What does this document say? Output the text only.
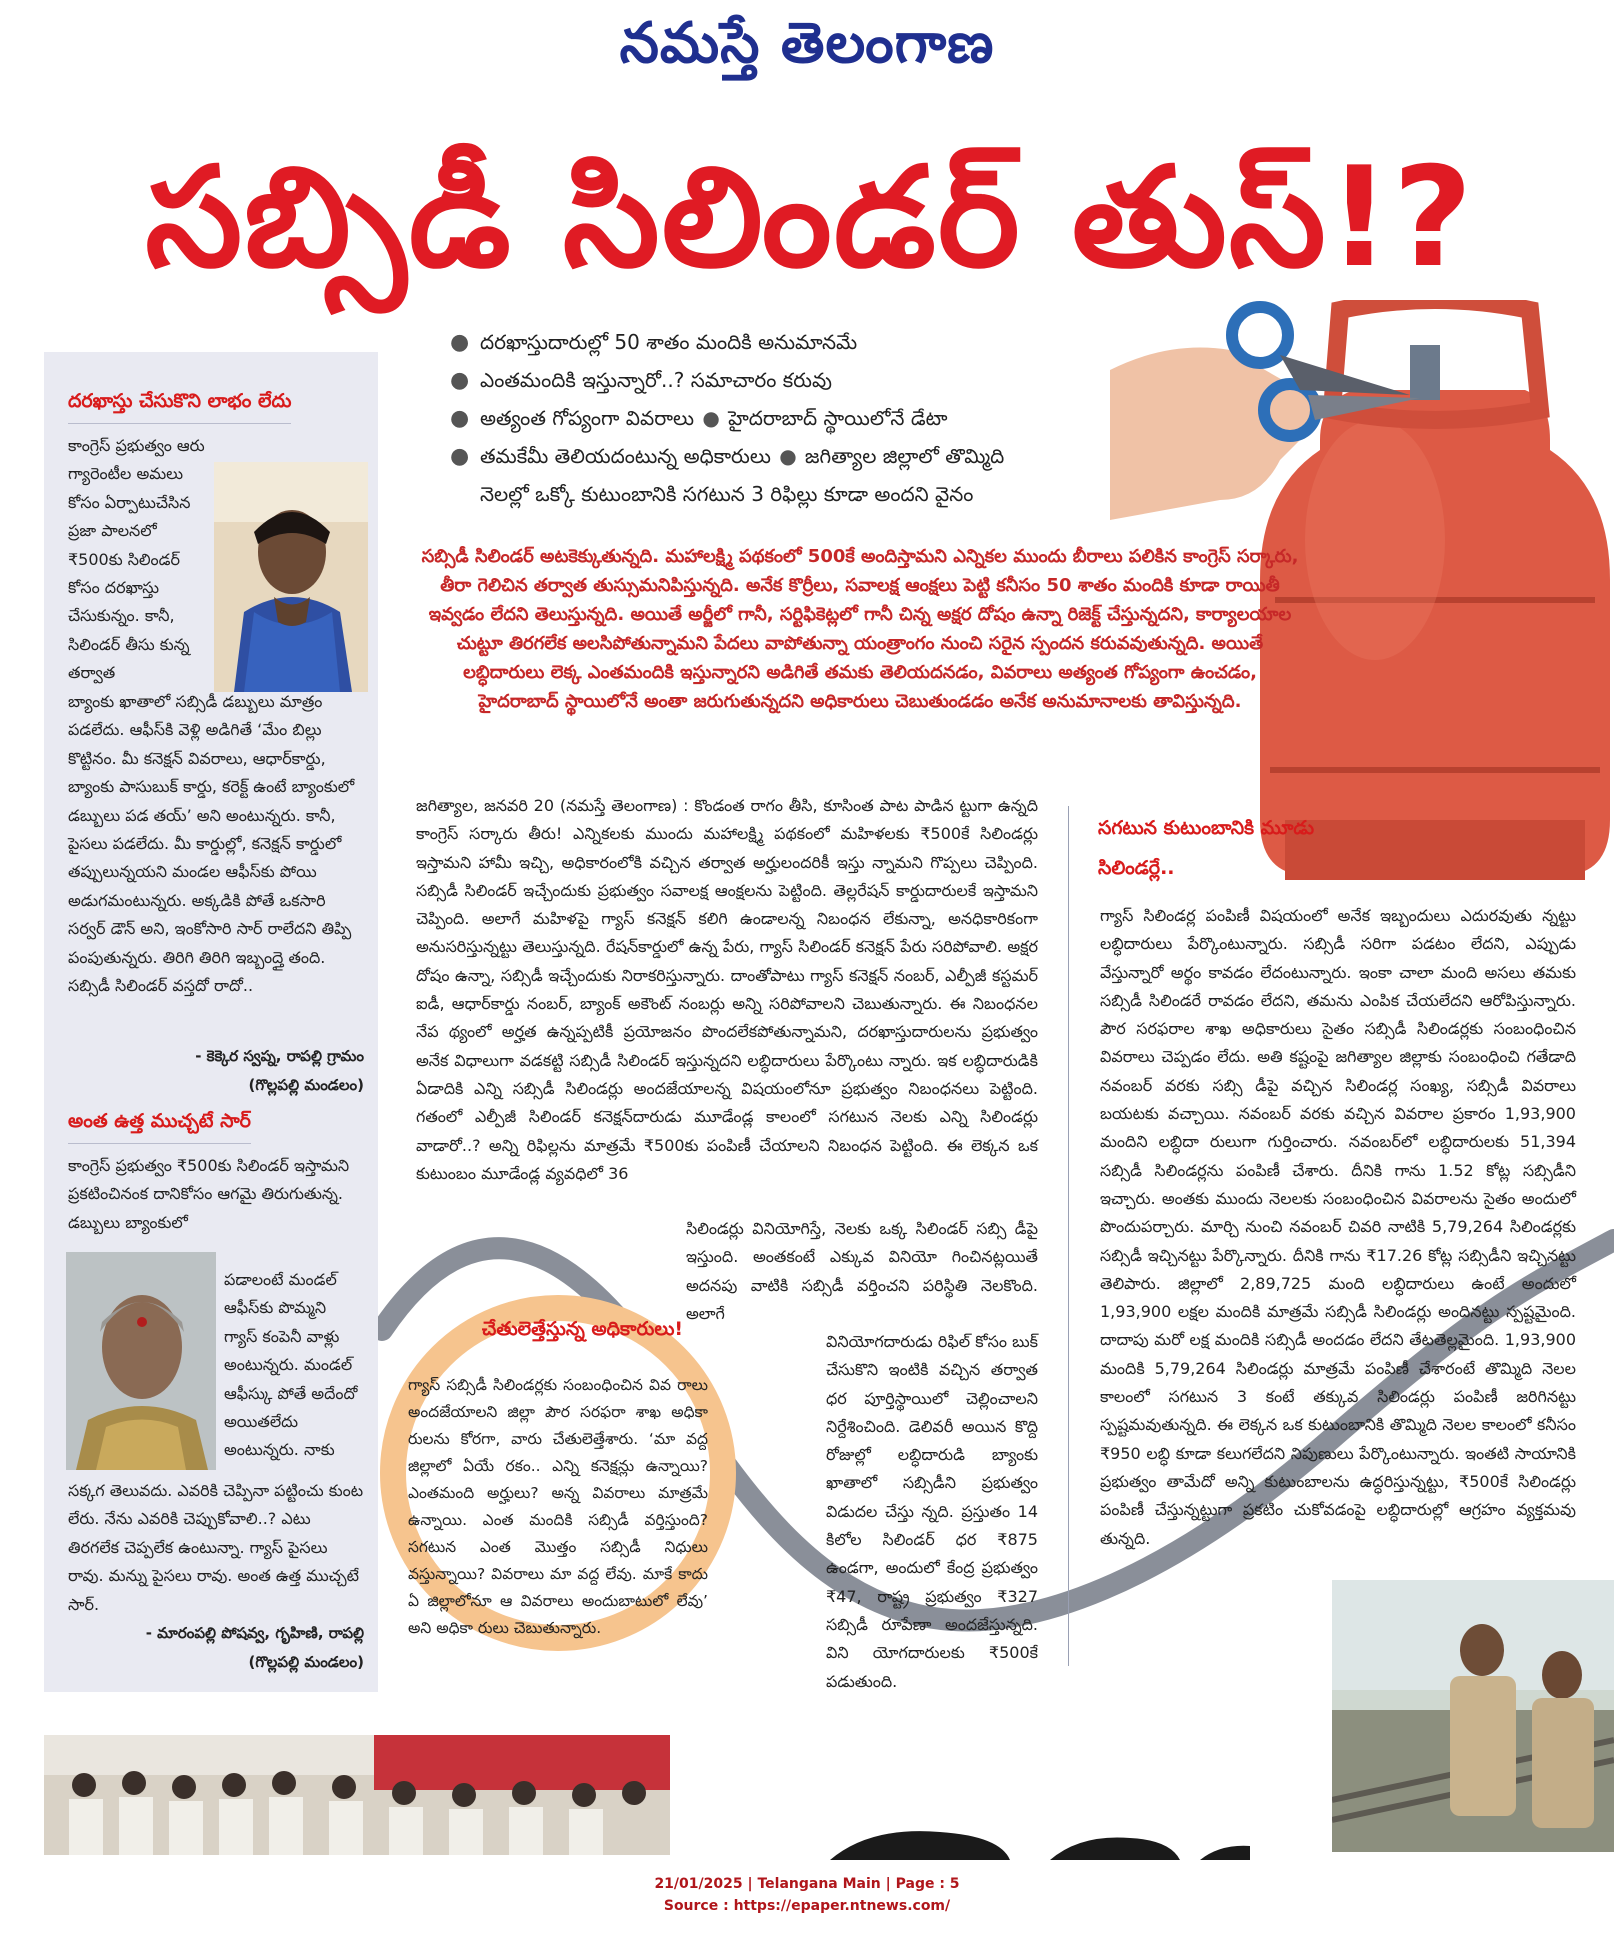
నమస్తే తెలంగాణ
సబ్సిడీ సిలిండర్ తుస్!?
దరఖాస్తు చేసుకొని లాభం లేదు
కాంగ్రెస్ ప్రభుత్వం ఆరు గ్యారెంటీల అమలు కోసం ఏర్పాటుచేసిన ప్రజా పాలనలో ₹500కు సిలిండర్ కోసం దరఖాస్తు చేసుకున్నం. కానీ, సిలిండర్ తీసు కున్న తర్వాత
బ్యాంకు ఖాతాలో సబ్సిడీ డబ్బులు మాత్రం పడలేదు. ఆఫీస్‌కి వెళ్లి అడిగితే ‘మేం బిల్లు కొట్టినం. మీ కనెక్షన్ వివరాలు, ఆధార్‌కార్డు, బ్యాంకు పాసుబుక్ కార్డు, కరెక్ట్ ఉంటే బ్యాంకులో డబ్బులు పడ తయ్’ అని అంటున్నరు. కానీ, పైసలు పడలేదు. మీ కార్డుల్లో, కనెక్షన్ కార్డులో తప్పులున్నయని మండల ఆఫీస్‌కు పోయి అడుగమంటున్నరు. అక్కడికి పోతే ఒకసారి సర్వర్ డౌన్ అని, ఇంకోసారి సార్ రాలేదని తిప్పి పంపుతున్నరు. తిరిగి తిరిగి ఇబ్బంద్తై తంది. సబ్సిడీ సిలిండర్ వస్తదో రాదో..
- కెక్కెర స్వప్న, రాపల్లి గ్రామం
(గొల్లపల్లి మండలం)
అంత ఉత్త ముచ్చటే సార్
కాంగ్రెస్ ప్రభుత్వం ₹500కు సిలిండర్ ఇస్తామని ప్రకటించినంక దానికోసం ఆగమై తిరుగుతున్న. డబ్బులు బ్యాంకులో
పడాలంటే మండల్ ఆఫీస్‌కు పొమ్మని గ్యాస్ కంపెనీ వాళ్లు అంటున్నరు. మండల్ ఆఫీస్కు పోతే అదేందో అయితలేదు అంటున్నరు. నాకు
సక్కగ తెలువదు. ఎవరికి చెప్పినా పట్టించు కుంట లేరు. నేను ఎవరికి చెప్పుకోవాలి..? ఎటు తిరగలేక చెప్పలేక ఉంటున్నా. గ్యాస్ పైసలు రావు. మన్ను పైసలు రావు. అంత ఉత్త ముచ్చటే సార్.
- మారంపల్లి పోషవ్వ, గృహిణి, రాపల్లి
(గొల్లపల్లి మండలం)
● దరఖాస్తుదారుల్లో 50 శాతం మందికి అనుమానమే
● ఎంతమందికి ఇస్తున్నారో..? సమాచారం కరువు
● అత్యంత గోప్యంగా వివరాలు ● హైదరాబాద్ స్థాయిలోనే డేటా
● తమకేమీ తెలియదంటున్న అధికారులు ● జగిత్యాల జిల్లాలో తొమ్మిది
నెలల్లో ఒక్కో కుటుంబానికి సగటున 3 రిఫిల్లు కూడా అందని వైనం
సబ్సిడీ సిలిండర్ అటకెక్కుతున్నది. మహాలక్ష్మి పథకంలో 500కే అందిస్తామని ఎన్నికల ముందు బీరాలు పలికిన కాంగ్రెస్ సర్కారు, తీరా గెలిచిన తర్వాత తుస్సుమనిపిస్తున్నది. అనేక కొర్రీలు, సవాలక్ష ఆంక్షలు పెట్టి కనీసం 50 శాతం మందికి కూడా రాయితీ ఇవ్వడం లేదని తెలుస్తున్నది. అయితే అర్జీలో గానీ, సర్టిఫికెట్లలో గానీ చిన్న అక్షర దోషం ఉన్నా రిజెక్ట్ చేస్తున్నదని, కార్యాలయాల చుట్టూ తిరగలేక అలసిపోతున్నామని పేదలు వాపోతున్నా యంత్రాంగం నుంచి సరైన స్పందన కరువవుతున్నది. అయితే లబ్ధిదారులు లెక్క ఎంతమందికి ఇస్తున్నారని అడిగితే తమకు తెలియదనడం, వివరాలు అత్యంత గోప్యంగా ఉంచడం, హైదరాబాద్ స్థాయిలోనే అంతా జరుగుతున్నదని అధికారులు చెబుతుండడం అనేక అనుమానాలకు తావిస్తున్నది.
జగిత్యాల, జనవరి 20 (నమస్తే తెలంగాణ) : కొండంత రాగం తీసి, కూసింత పాట పాడిన ట్టుగా ఉన్నది కాంగ్రెస్ సర్కారు తీరు! ఎన్నికలకు ముందు మహాలక్ష్మి పథకంలో మహిళలకు ₹500కే సిలిండర్లు ఇస్తామని హామీ ఇచ్చి, అధికారంలోకి వచ్చిన తర్వాత అర్హులందరికీ ఇస్తు న్నామని గొప్పలు చెప్పింది. సబ్సిడీ సిలిండర్ ఇచ్చేందుకు ప్రభుత్వం సవాలక్ష ఆంక్షలను పెట్టింది. తెల్లరేషన్ కార్డుదారులకే ఇస్తామని చెప్పింది. అలాగే మహిళపై గ్యాస్ కనెక్షన్ కలిగి ఉండాలన్న నిబంధన లేకున్నా, అనధికారికంగా అనుసరిస్తున్నట్టు తెలుస్తున్నది. రేషన్‌కార్డులో ఉన్న పేరు, గ్యాస్ సిలిండర్ కనెక్షన్ పేరు సరిపోవాలి. అక్షర దోషం ఉన్నా, సబ్సిడీ ఇచ్చేందుకు నిరాకరిస్తున్నారు. దాంతోపాటు గ్యాస్ కనెక్షన్ నంబర్, ఎల్పీజీ కస్టమర్ ఐడీ, ఆధార్‌కార్డు నంబర్, బ్యాంక్ అకౌంట్ నంబర్లు అన్ని సరిపోవాలని చెబుతున్నారు. ఈ నిబంధనల నేప థ్యంలో అర్హత ఉన్నప్పటికీ ప్రయోజనం పొందలేకపోతున్నామని, దరఖాస్తుదారులను ప్రభుత్వం అనేక విధాలుగా వడకట్టి సబ్సిడీ సిలిండర్ ఇస్తున్నదని లబ్ధిదారులు పేర్కొంటు న్నారు. ఇక లబ్ధిదారుడికి ఏడాదికి ఎన్ని సబ్సిడీ సిలిండర్లు అందజేయాలన్న విషయంలోనూ ప్రభుత్వం నిబంధనలు పెట్టింది. గతంలో ఎల్పీజీ సిలిండర్ కనెక్షన్‌దారుడు మూడేండ్ల కాలంలో సగటున నెలకు ఎన్ని సిలిండర్లు వాడారో..? అన్ని రిఫిల్లను మాత్రమే ₹500కు పంపిణీ చేయాలని నిబంధన పెట్టింది. ఈ లెక్కన ఒక కుటుంబం మూడేండ్ల వ్యవధిలో 36
సిలిండర్లు వినియోగిస్తే, నెలకు ఒక్క సిలిండర్ సబ్సి డీపై ఇస్తుంది. అంతకంటే ఎక్కువ వినియో గించినట్లయితే అదనపు వాటికి సబ్సిడీ వర్తించని పరిస్థితి నెలకొంది. అలాగే
వినియోగదారుడు రిఫిల్ కోసం బుక్ చేసుకొని ఇంటికి వచ్చిన తర్వాత ధర పూర్తిస్థాయిలో చెల్లించాలని నిర్దేశించింది. డెలివరీ అయిన కొద్ది రోజుల్లో లబ్ధిదారుడి బ్యాంకు ఖాతాలో సబ్సిడీని ప్రభుత్వం విడుదల చేస్తు న్నది. ప్రస్తుతం 14 కిలోల సిలిండర్ ధర ₹875 ఉండగా, అందులో కేంద్ర ప్రభుత్వం ₹47, రాష్ట్ర ప్రభుత్వం ₹327 సబ్సిడీ రూపేణా అందజేస్తున్నది. విని యోగదారులకు ₹500కే పడుతుంది.
చేతులెత్తేస్తున్న అధికారులు!
గ్యాస్ సబ్సిడీ సిలిండర్లకు సంబంధించిన వివ రాలు అందజేయాలని జిల్లా పౌర సరఫరా శాఖ అధికా రులను కోరగా, వారు చేతులెత్తేశారు. ‘మా వద్ద జిల్లాలో ఏయే రకం.. ఎన్ని కనెక్షన్లు ఉన్నాయి? ఎంతమంది అర్హులు? అన్న వివరాలు మాత్రమే ఉన్నాయి. ఎంత మందికి సబ్సిడీ వర్తిస్తుంది? సగటున ఎంత మొత్తం సబ్సిడీ నిధులు వస్తున్నాయి? వివరాలు మా వద్ద లేవు. మాకే కాదు ఏ జిల్లాలోనూ ఆ వివరాలు అందుబాటులో లేవు’ అని అధికా రులు చెబుతున్నారు.
సగటున కుటుంబానికి మూడు సిలిండర్లే..
గ్యాస్ సిలిండర్ల పంపిణీ విషయంలో అనేక ఇబ్బందులు ఎదురవుతు న్నట్టు లబ్ధిదారులు పేర్కొంటున్నారు. సబ్సిడీ సరిగా పడటం లేదని, ఎప్పుడు వేస్తున్నారో అర్థం కావడం లేదంటున్నారు. ఇంకా చాలా మంది అసలు తమకు సబ్సిడీ సిలిండరే రావడం లేదని, తమను ఎంపిక చేయలేదని ఆరోపిస్తున్నారు. పౌర సరఫరాల శాఖ అధికారులు సైతం సబ్సిడీ సిలిండర్లకు సంబంధించిన వివరాలు చెప్పడం లేదు. అతి కష్టంపై జగిత్యాల జిల్లాకు సంబంధించి గతేడాది నవంబర్ వరకు సబ్సి డీపై వచ్చిన సిలిండర్ల సంఖ్య, సబ్సిడీ వివరాలు బయటకు వచ్చాయి. నవంబర్ వరకు వచ్చిన వివరాల ప్రకారం 1,93,900 మందిని లబ్ధిదా రులుగా గుర్తించారు. నవంబర్‌లో లబ్ధిదారులకు 51,394 సబ్సిడీ సిలిండర్లను పంపిణీ చేశారు. దీనికి గాను 1.52 కోట్ల సబ్సిడీని ఇచ్చారు. అంతకు ముందు నెలలకు సంబంధించిన వివరాలను సైతం అందులో పొందుపర్చారు. మార్చి నుంచి నవంబర్ చివరి నాటికి 5,79,264 సిలిండర్లకు సబ్సిడీ ఇచ్చినట్టు పేర్కొన్నారు. దీనికి గాను ₹17.26 కోట్ల సబ్సిడీని ఇచ్చినట్టు తెలిపారు. జిల్లాలో 2,89,725 మంది లబ్ధిదారులు ఉంటే అందులో 1,93,900 లక్షల మందికి మాత్రమే సబ్సిడీ సిలిండర్లు అందినట్టు స్పష్టమైంది. దాదాపు మరో లక్ష మందికి సబ్సిడీ అందడం లేదని తేటతెల్లమైంది. 1,93,900 మందికి 5,79,264 సిలిండర్లు మాత్రమే పంపిణీ చేశారంటే తొమ్మిది నెలల కాలంలో సగటున 3 కంటే తక్కువ సిలిండర్లు పంపిణీ జరిగినట్టు స్పష్టమవుతున్నది. ఈ లెక్కన ఒక కుటుంబానికి తొమ్మిది నెలల కాలంలో కనీసం ₹950 లబ్ధి కూడా కలుగలేదని నిపుణులు పేర్కొంటున్నారు. ఇంతటి సాయానికి ప్రభుత్వం తామేదో అన్ని కుటుంబాలను ఉద్ధరిస్తున్నట్టు, ₹500కే సిలిండర్లు పంపిణీ చేస్తున్నట్టుగా ప్రకటిం చుకోవడంపై లబ్ధిదారుల్లో ఆగ్రహం వ్యక్తమవు తున్నది.
21/01/2025 | Telangana Main | Page : 5
Source : https://epaper.ntnews.com/
